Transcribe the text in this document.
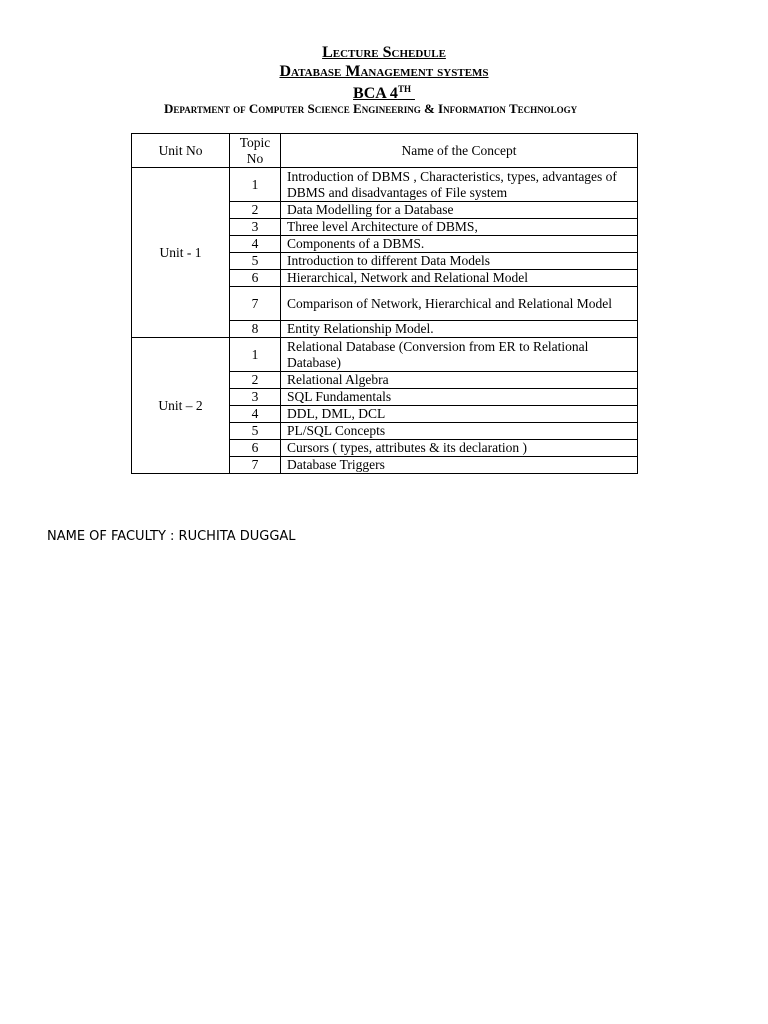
Lecture Schedule
Database Management systems
BCA 4TH
Department of Computer Science Engineering & Information Technology
Unit No	Topic No	Name of the Concept
Unit - 1	1	Introduction of DBMS , Characteristics, types, advantages of DBMS and disadvantages of File system
	2	Data Modelling for a Database
	3	Three level Architecture of DBMS,
	4	Components of a DBMS.
	5	Introduction to different Data Models
	6	Hierarchical, Network and Relational Model
	7	Comparison of Network, Hierarchical and Relational Model
	8	Entity Relationship Model.
Unit – 2	1	Relational Database (Conversion from ER to Relational Database)
	2	Relational Algebra
	3	SQL Fundamentals
	4	DDL, DML, DCL
	5	PL/SQL Concepts
	6	Cursors ( types, attributes & its declaration )
	7	Database Triggers
NAME OF FACULTY : RUCHITA DUGGAL
